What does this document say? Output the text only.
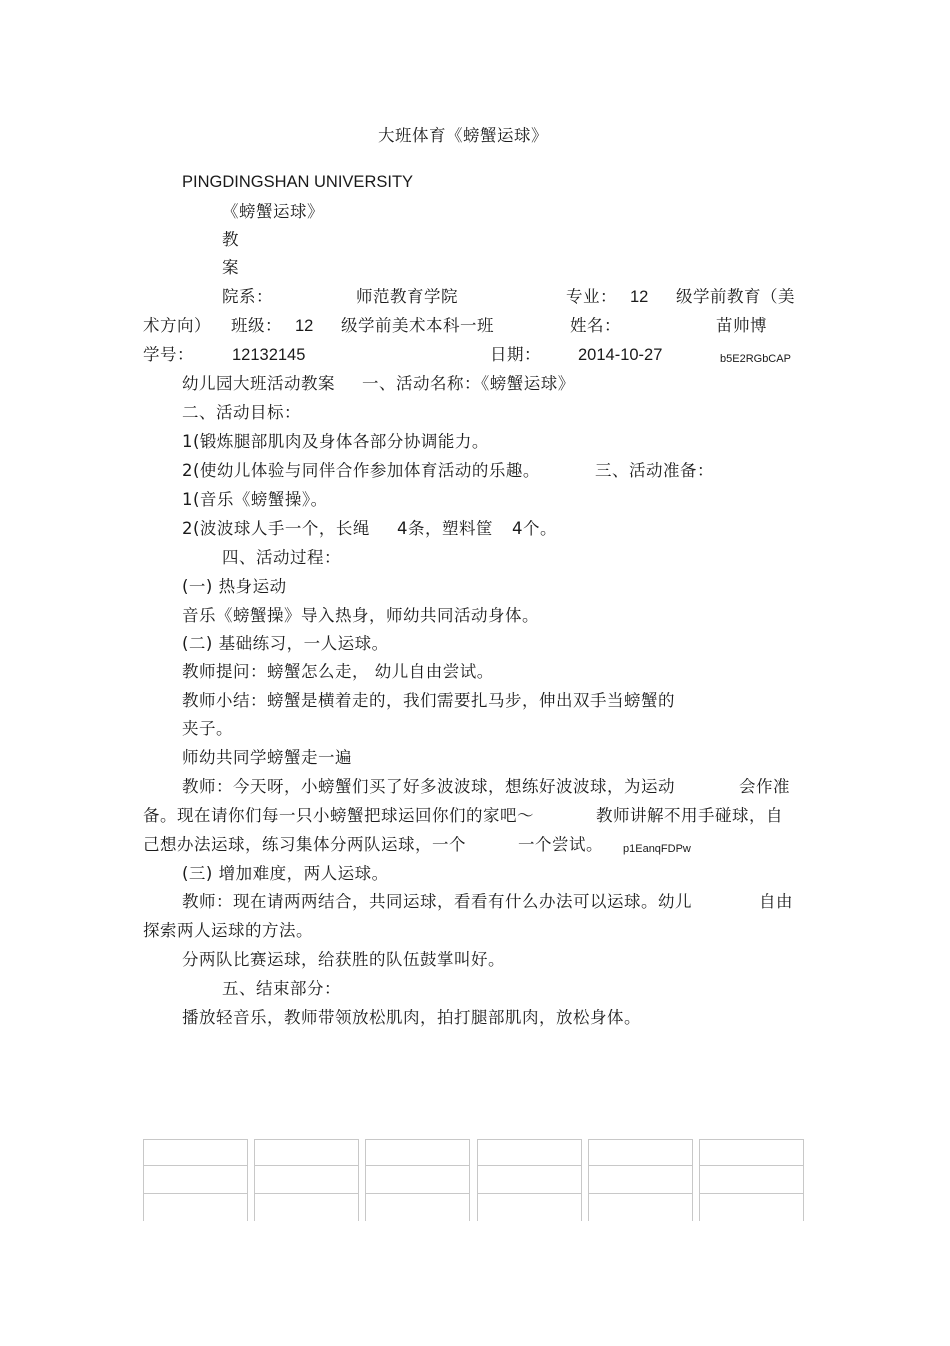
大班体育《螃蟹运球》
PINGDINGSHAN UNIVERSITY
《螃蟹运球》
教
案
院系：	师范教育学院	专业： 12 级学前教育（美
术方向） 班级： 12 级学前美术本科一班	姓名：	苗帅博
学号： 12132145	日期： 2014-10-27	b5E2RGbCAP
幼儿园大班活动教案 一、活动名称：《螃蟹运球》
二、活动目标：
1(锻炼腿部肌肉及身体各部分协调能力。
2(使幼儿体验与同伴合作参加体育活动的乐趣。	三、活动准备：
1(音乐《螃蟹操》。
2(波波球人手一个，长绳 4条，塑料筐 4个。
四、活动过程：
(一) 热身运动
音乐《螃蟹操》导入热身，师幼共同活动身体。
(二) 基础练习，一人运球。
教师提问：螃蟹怎么走， 幼儿自由尝试。
教师小结：螃蟹是横着走的，我们需要扎马步，伸出双手当螃蟹的
夹子。
师幼共同学螃蟹走一遍
教师：今天呀，小螃蟹们买了好多波波球，想练好波波球，为运动	会作准
备。现在请你们每一只小螃蟹把球运回你们的家吧～	教师讲解不用手碰球，自
己想办法运球，练习集体分两队运球，一个	一个尝试。 p1EanqFDPw
(三) 增加难度，两人运球。
教师：现在请两两结合，共同运球，看看有什么办法可以运球。幼儿	自由
探索两人运球的方法。
分两队比赛运球，给获胜的队伍鼓掌叫好。
五、结束部分：
播放轻音乐，教师带领放松肌肉，拍打腿部肌肉，放松身体。
